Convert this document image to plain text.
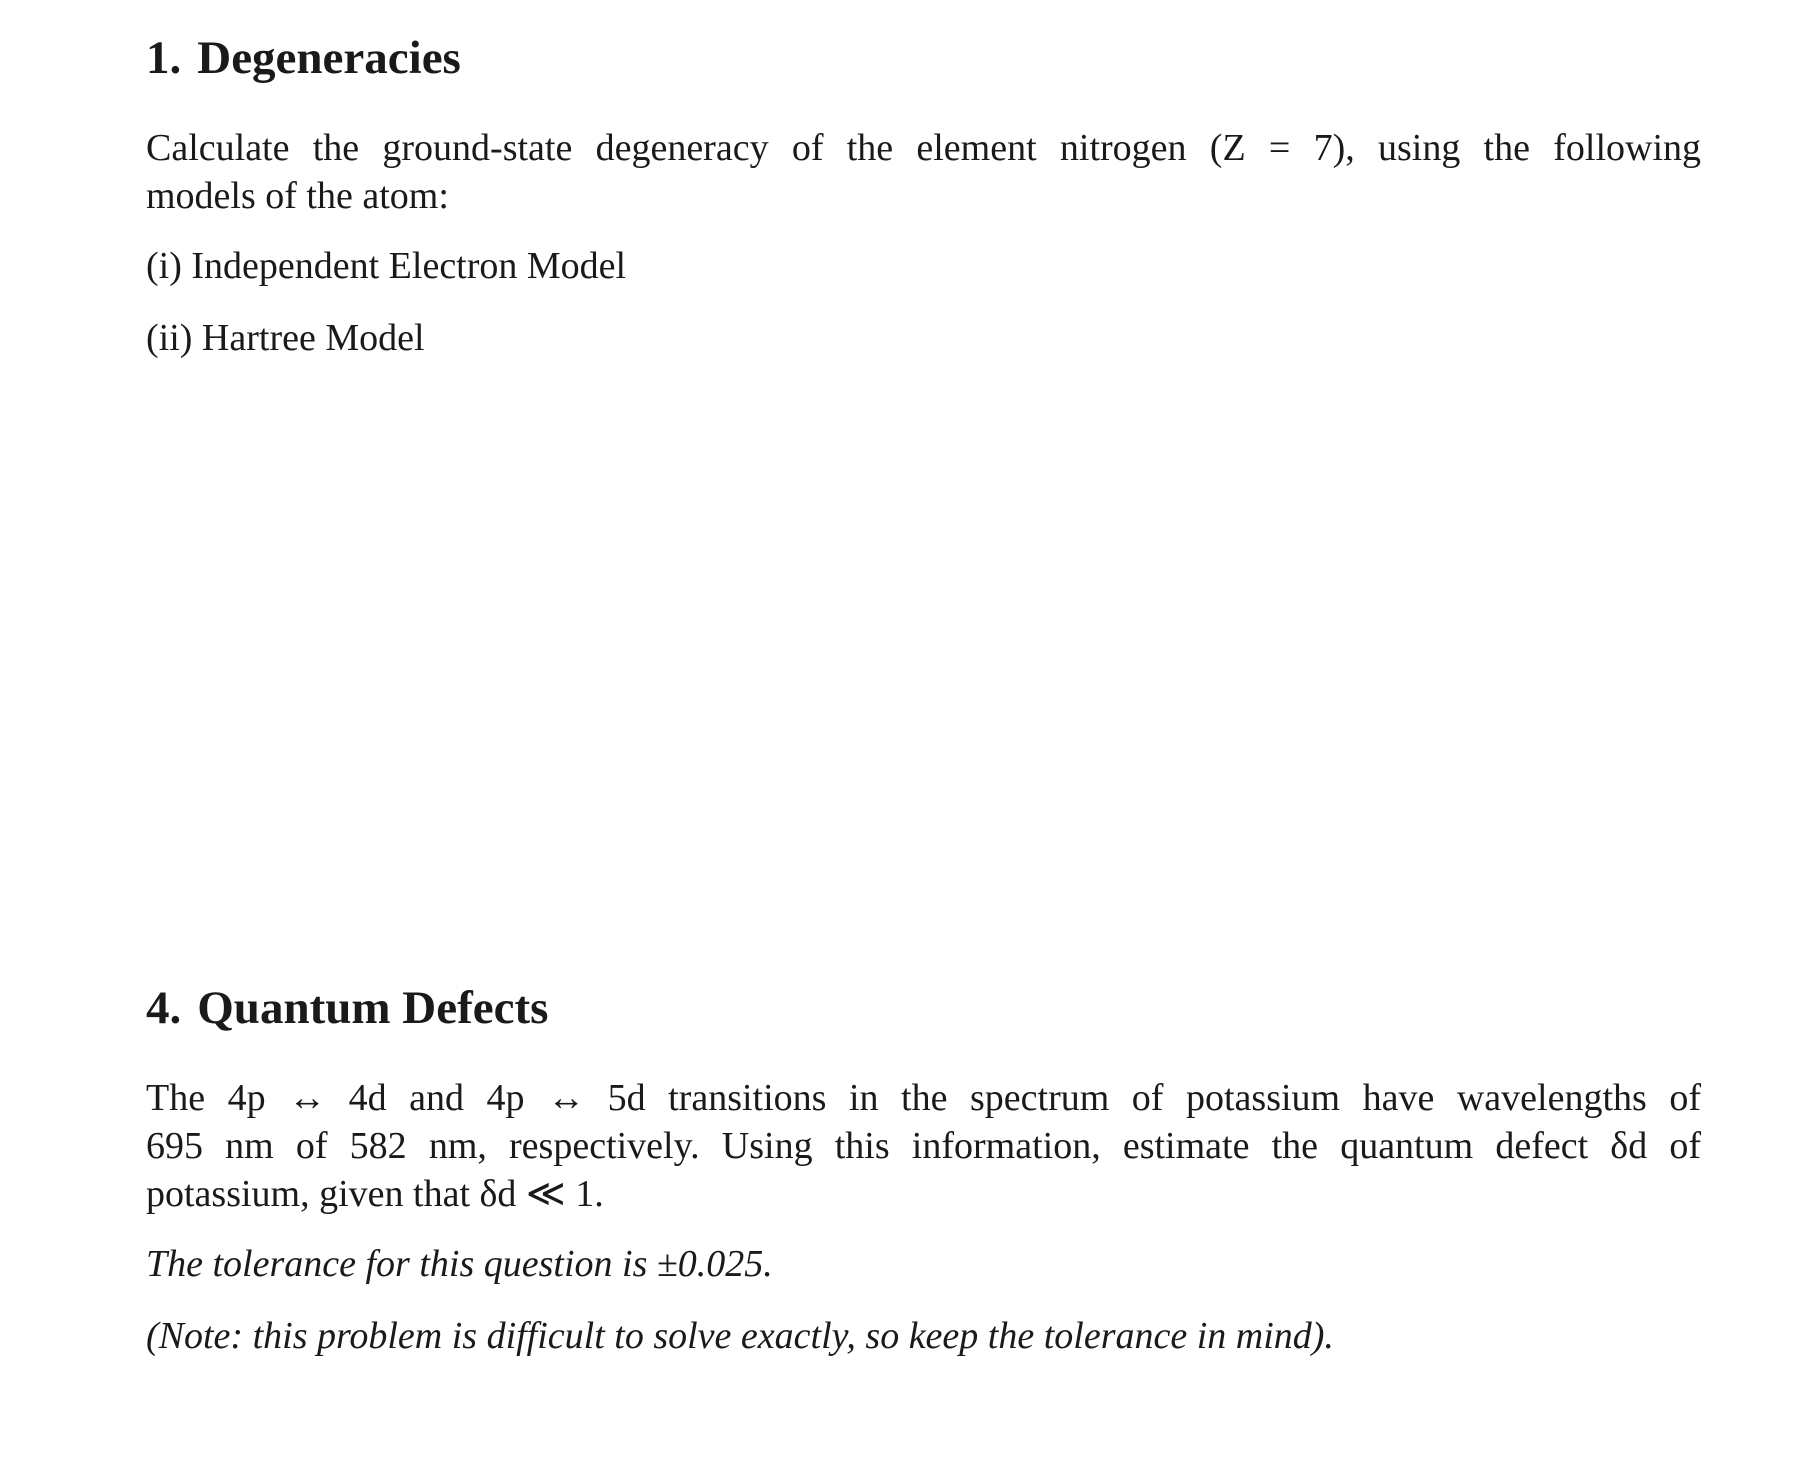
1. Degeneracies

Calculate the ground-state degeneracy of the element nitrogen (Z = 7), using the following
models of the atom:

(i) Independent Electron Model

(ii) Hartree Model

4. Quantum Defects

The 4p ↔ 4d and 4p ↔ 5d transitions in the spectrum of potassium have wavelengths of
695 nm of 582 nm, respectively. Using this information, estimate the quantum defect δd of
potassium, given that δd ≪ 1.

The tolerance for this question is ±0.025.

(Note: this problem is difficult to solve exactly, so keep the tolerance in mind).
